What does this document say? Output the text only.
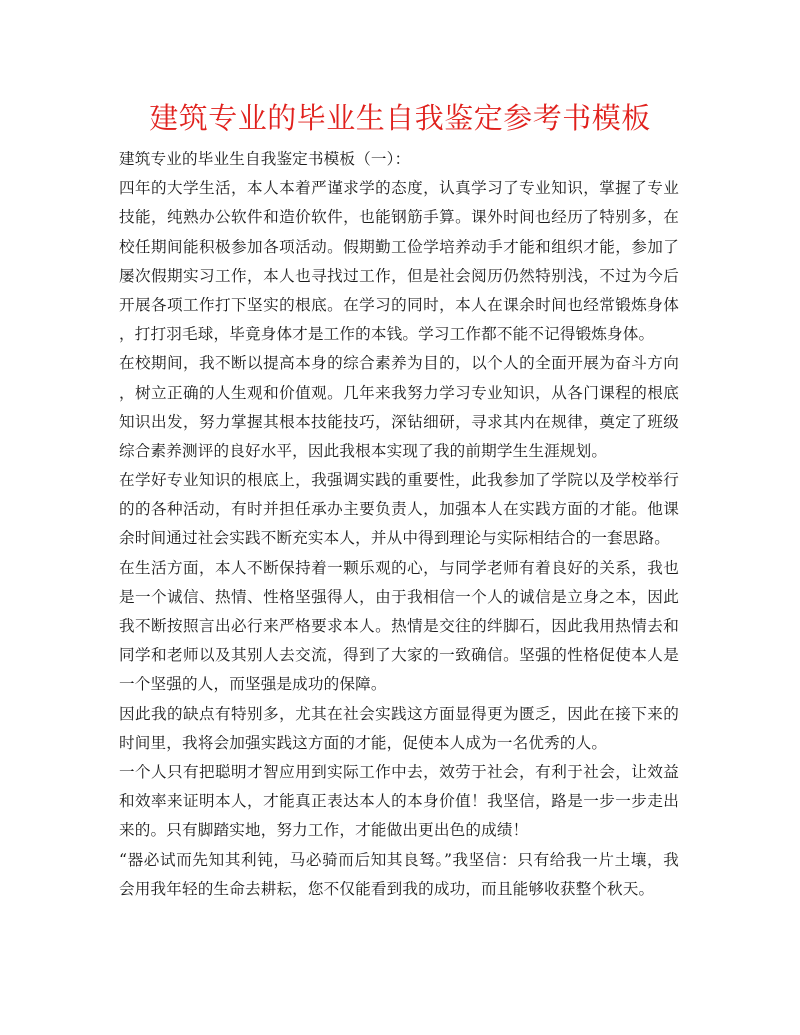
建筑专业的毕业生自我鉴定参考书模板
建筑专业的毕业生自我鉴定书模板（一）：
四年的大学生活，本人本着严谨求学的态度，认真学习了专业知识，掌握了专业
技能，纯熟办公软件和造价软件，也能钢筋手算。课外时间也经历了特别多，在
校任期间能积极参加各项活动。假期勤工俭学培养动手才能和组织才能，参加了
屡次假期实习工作，本人也寻找过工作，但是社会阅历仍然特别浅，不过为今后
开展各项工作打下坚实的根底。在学习的同时，本人在课余时间也经常锻炼身体
，打打羽毛球，毕竟身体才是工作的本钱。学习工作都不能不记得锻炼身体。
在校期间，我不断以提高本身的综合素养为目的，以个人的全面开展为奋斗方向
，树立正确的人生观和价值观。几年来我努力学习专业知识，从各门课程的根底
知识出发，努力掌握其根本技能技巧，深钻细研，寻求其内在规律，奠定了班级
综合素养测评的良好水平，因此我根本实现了我的前期学生生涯规划。
在学好专业知识的根底上，我强调实践的重要性，此我参加了学院以及学校举行
的的各种活动，有时并担任承办主要负责人，加强本人在实践方面的才能。他课
余时间通过社会实践不断充实本人，并从中得到理论与实际相结合的一套思路。
在生活方面，本人不断保持着一颗乐观的心，与同学老师有着良好的关系，我也
是一个诚信、热情、性格坚强得人，由于我相信一个人的诚信是立身之本，因此
我不断按照言出必行来严格要求本人。热情是交往的绊脚石，因此我用热情去和
同学和老师以及其别人去交流，得到了大家的一致确信。坚强的性格促使本人是
一个坚强的人，而坚强是成功的保障。
因此我的缺点有特别多，尤其在社会实践这方面显得更为匮乏，因此在接下来的
时间里，我将会加强实践这方面的才能，促使本人成为一名优秀的人。
一个人只有把聪明才智应用到实际工作中去，效劳于社会，有利于社会，让效益
和效率来证明本人，才能真正表达本人的本身价值！我坚信，路是一步一步走出
来的。只有脚踏实地，努力工作，才能做出更出色的成绩！
“器必试而先知其利钝，马必骑而后知其良驽。”我坚信：只有给我一片土壤，我
会用我年轻的生命去耕耘，您不仅能看到我的成功，而且能够收获整个秋天。
